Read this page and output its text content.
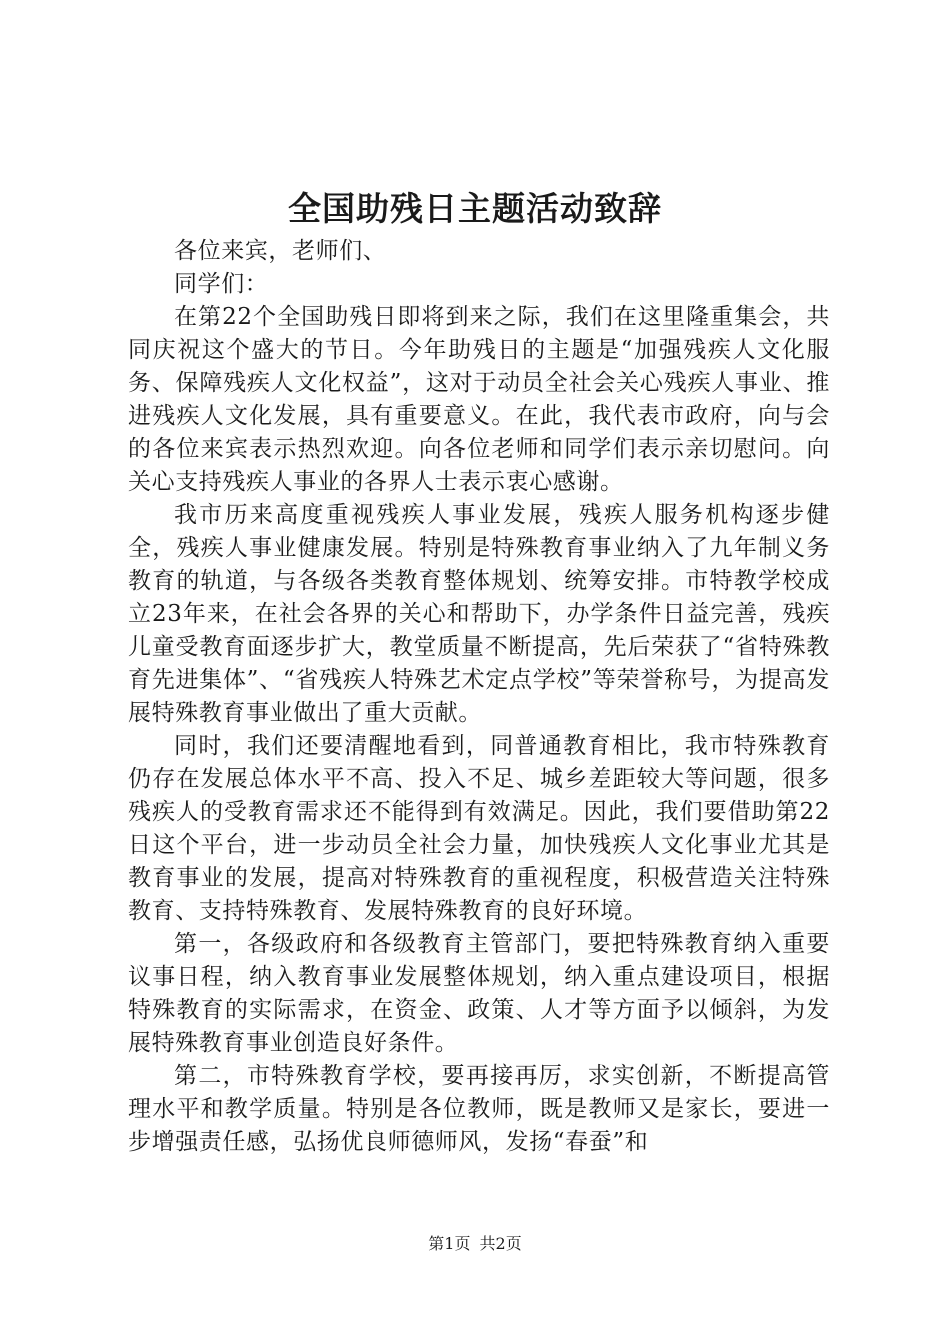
全国助残日主题活动致辞

各位来宾，老师们、

同学们：

在第22个全国助残日即将到来之际，我们在这里隆重集会，共同庆祝这个盛大的节日。今年助残日的主题是“加强残疾人文化服务、保障残疾人文化权益”，这对于动员全社会关心残疾人事业、推进残疾人文化发展，具有重要意义。在此，我代表市政府，向与会的各位来宾表示热烈欢迎。向各位老师和同学们表示亲切慰问。向关心支持残疾人事业的各界人士表示衷心感谢。

我市历来高度重视残疾人事业发展，残疾人服务机构逐步健全，残疾人事业健康发展。特别是特殊教育事业纳入了九年制义务教育的轨道，与各级各类教育整体规划、统筹安排。市特教学校成立23年来，在社会各界的关心和帮助下，办学条件日益完善，残疾儿童受教育面逐步扩大，教堂质量不断提高，先后荣获了“省特殊教育先进集体”、“省残疾人特殊艺术定点学校”等荣誉称号，为提高发展特殊教育事业做出了重大贡献。

同时，我们还要清醒地看到，同普通教育相比，我市特殊教育仍存在发展总体水平不高、投入不足、城乡差距较大等问题，很多残疾人的受教育需求还不能得到有效满足。因此，我们要借助第22日这个平台，进一步动员全社会力量，加快残疾人文化事业尤其是教育事业的发展，提高对特殊教育的重视程度，积极营造关注特殊教育、支持特殊教育、发展特殊教育的良好环境。

第一，各级政府和各级教育主管部门，要把特殊教育纳入重要议事日程，纳入教育事业发展整体规划，纳入重点建设项目，根据特殊教育的实际需求，在资金、政策、人才等方面予以倾斜，为发展特殊教育事业创造良好条件。

第二，市特殊教育学校，要再接再厉，求实创新，不断提高管理水平和教学质量。特别是各位教师，既是教师又是家长，要进一步增强责任感，弘扬优良师德师风，发扬“春蚕”和

第1页 共2页
